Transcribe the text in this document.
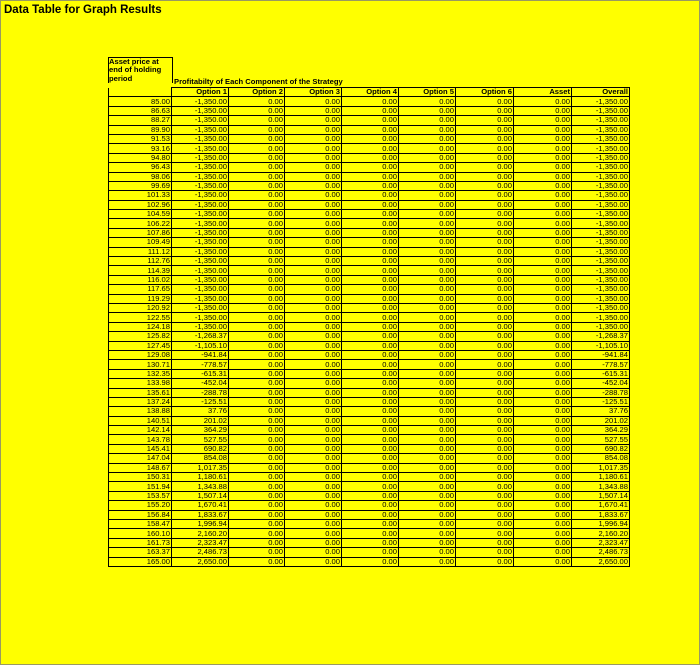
Data Table for Graph Results
Asset price at end of holding period	Profitabilty of Each Component of the Strategy
	Option 1	Option 2	Option 3	Option 4	Option 5	Option 6	Asset	Overall
85.00	-1,350.00	0.00	0.00	0.00	0.00	0.00	0.00	-1,350.00
86.63	-1,350.00	0.00	0.00	0.00	0.00	0.00	0.00	-1,350.00
88.27	-1,350.00	0.00	0.00	0.00	0.00	0.00	0.00	-1,350.00
89.90	-1,350.00	0.00	0.00	0.00	0.00	0.00	0.00	-1,350.00
91.53	-1,350.00	0.00	0.00	0.00	0.00	0.00	0.00	-1,350.00
93.16	-1,350.00	0.00	0.00	0.00	0.00	0.00	0.00	-1,350.00
94.80	-1,350.00	0.00	0.00	0.00	0.00	0.00	0.00	-1,350.00
96.43	-1,350.00	0.00	0.00	0.00	0.00	0.00	0.00	-1,350.00
98.06	-1,350.00	0.00	0.00	0.00	0.00	0.00	0.00	-1,350.00
99.69	-1,350.00	0.00	0.00	0.00	0.00	0.00	0.00	-1,350.00
101.33	-1,350.00	0.00	0.00	0.00	0.00	0.00	0.00	-1,350.00
102.96	-1,350.00	0.00	0.00	0.00	0.00	0.00	0.00	-1,350.00
104.59	-1,350.00	0.00	0.00	0.00	0.00	0.00	0.00	-1,350.00
106.22	-1,350.00	0.00	0.00	0.00	0.00	0.00	0.00	-1,350.00
107.86	-1,350.00	0.00	0.00	0.00	0.00	0.00	0.00	-1,350.00
109.49	-1,350.00	0.00	0.00	0.00	0.00	0.00	0.00	-1,350.00
111.12	-1,350.00	0.00	0.00	0.00	0.00	0.00	0.00	-1,350.00
112.76	-1,350.00	0.00	0.00	0.00	0.00	0.00	0.00	-1,350.00
114.39	-1,350.00	0.00	0.00	0.00	0.00	0.00	0.00	-1,350.00
116.02	-1,350.00	0.00	0.00	0.00	0.00	0.00	0.00	-1,350.00
117.65	-1,350.00	0.00	0.00	0.00	0.00	0.00	0.00	-1,350.00
119.29	-1,350.00	0.00	0.00	0.00	0.00	0.00	0.00	-1,350.00
120.92	-1,350.00	0.00	0.00	0.00	0.00	0.00	0.00	-1,350.00
122.55	-1,350.00	0.00	0.00	0.00	0.00	0.00	0.00	-1,350.00
124.18	-1,350.00	0.00	0.00	0.00	0.00	0.00	0.00	-1,350.00
125.82	-1,268.37	0.00	0.00	0.00	0.00	0.00	0.00	-1,268.37
127.45	-1,105.10	0.00	0.00	0.00	0.00	0.00	0.00	-1,105.10
129.08	-941.84	0.00	0.00	0.00	0.00	0.00	0.00	-941.84
130.71	-778.57	0.00	0.00	0.00	0.00	0.00	0.00	-778.57
132.35	-615.31	0.00	0.00	0.00	0.00	0.00	0.00	-615.31
133.98	-452.04	0.00	0.00	0.00	0.00	0.00	0.00	-452.04
135.61	-288.78	0.00	0.00	0.00	0.00	0.00	0.00	-288.78
137.24	-125.51	0.00	0.00	0.00	0.00	0.00	0.00	-125.51
138.88	37.76	0.00	0.00	0.00	0.00	0.00	0.00	37.76
140.51	201.02	0.00	0.00	0.00	0.00	0.00	0.00	201.02
142.14	364.29	0.00	0.00	0.00	0.00	0.00	0.00	364.29
143.78	527.55	0.00	0.00	0.00	0.00	0.00	0.00	527.55
145.41	690.82	0.00	0.00	0.00	0.00	0.00	0.00	690.82
147.04	854.08	0.00	0.00	0.00	0.00	0.00	0.00	854.08
148.67	1,017.35	0.00	0.00	0.00	0.00	0.00	0.00	1,017.35
150.31	1,180.61	0.00	0.00	0.00	0.00	0.00	0.00	1,180.61
151.94	1,343.88	0.00	0.00	0.00	0.00	0.00	0.00	1,343.88
153.57	1,507.14	0.00	0.00	0.00	0.00	0.00	0.00	1,507.14
155.20	1,670.41	0.00	0.00	0.00	0.00	0.00	0.00	1,670.41
156.84	1,833.67	0.00	0.00	0.00	0.00	0.00	0.00	1,833.67
158.47	1,996.94	0.00	0.00	0.00	0.00	0.00	0.00	1,996.94
160.10	2,160.20	0.00	0.00	0.00	0.00	0.00	0.00	2,160.20
161.73	2,323.47	0.00	0.00	0.00	0.00	0.00	0.00	2,323.47
163.37	2,486.73	0.00	0.00	0.00	0.00	0.00	0.00	2,486.73
165.00	2,650.00	0.00	0.00	0.00	0.00	0.00	0.00	2,650.00
